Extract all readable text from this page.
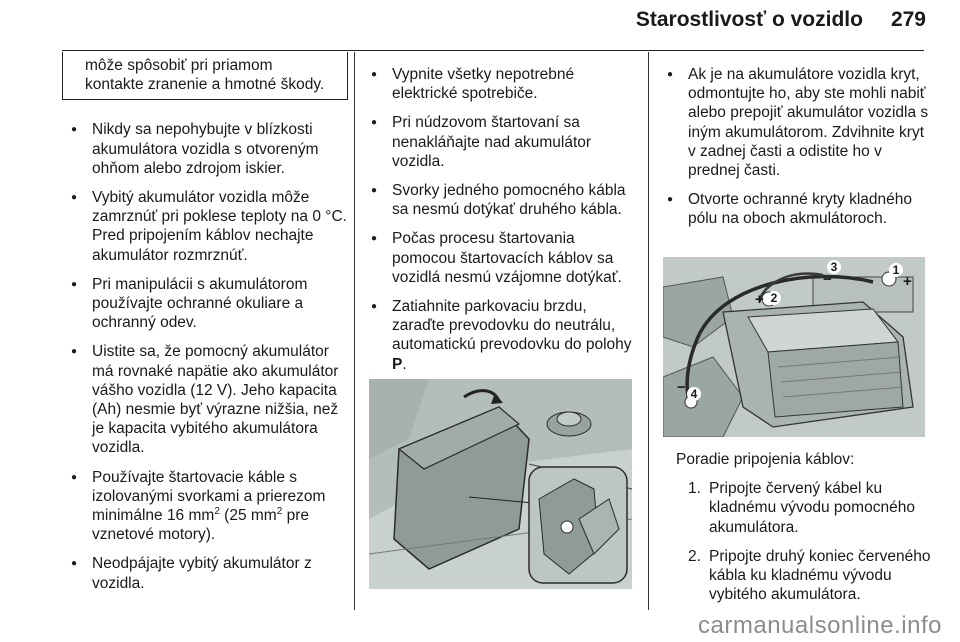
Starostlivosť o vozidlo 279
môže spôsobiť pri priamom kontakte zranenie a hmotné škody.
● Nikdy sa nepohybujte v blízkosti akumulátora vozidla s otvoreným ohňom alebo zdrojom iskier.
● Vybitý akumulátor vozidla môže zamrznúť pri poklese teploty na 0 °C. Pred pripojením káblov nechajte akumulátor rozmrznúť.
● Pri manipulácii s akumulátorom používajte ochranné okuliare a ochranný odev.
● Uistite sa, že pomocný akumulátor má rovnaké napätie ako akumulátor vášho vozidla (12 V). Jeho kapacita (Ah) nesmie byť výrazne nižšia, než je kapacita vybitého akumulátora vozidla.
● Používajte štartovacie káble s izolovanými svorkami a prierezom minimálne 16 $mm^2$ (25 $mm^2$ pre vznetové motory).
● Neodpájajte vybitý akumulátor z vozidla.
● Vypnite všetky nepotrebné elektrické spotrebiče.
● Pri núdzovom štartovaní sa nenakláňajte nad akumulátor vozidla.
● Svorky jedného pomocného kábla sa nesmú dotýkať druhého kábla.
● Počas procesu štartovania pomocou štartovacích káblov sa vozidlá nesmú vzájomne dotýkať.
● Zatiahnite parkovaciu brzdu, zaraďte prevodovku do neutrálu, automatickú prevodovku do polohy P.
● Ak je na akumulátore vozidla kryt, odmontujte ho, aby ste mohli nabiť alebo prepojiť akumulátor vozidla s iným akumulátorom. Zdvihnite kryt v zadnej časti a odistite ho v prednej časti.
● Otvorte ochranné kryty kladného pólu na oboch akmulátoroch.
3
−
1
+
2
+
4
−
Poradie pripojenia káblov:
1. Pripojte červený kábel ku kladnému vývodu pomocného akumulátora.
2. Pripojte druhý koniec červeného kábla ku kladnému vývodu vybitého akumulátora.
carmanualsonline.info
